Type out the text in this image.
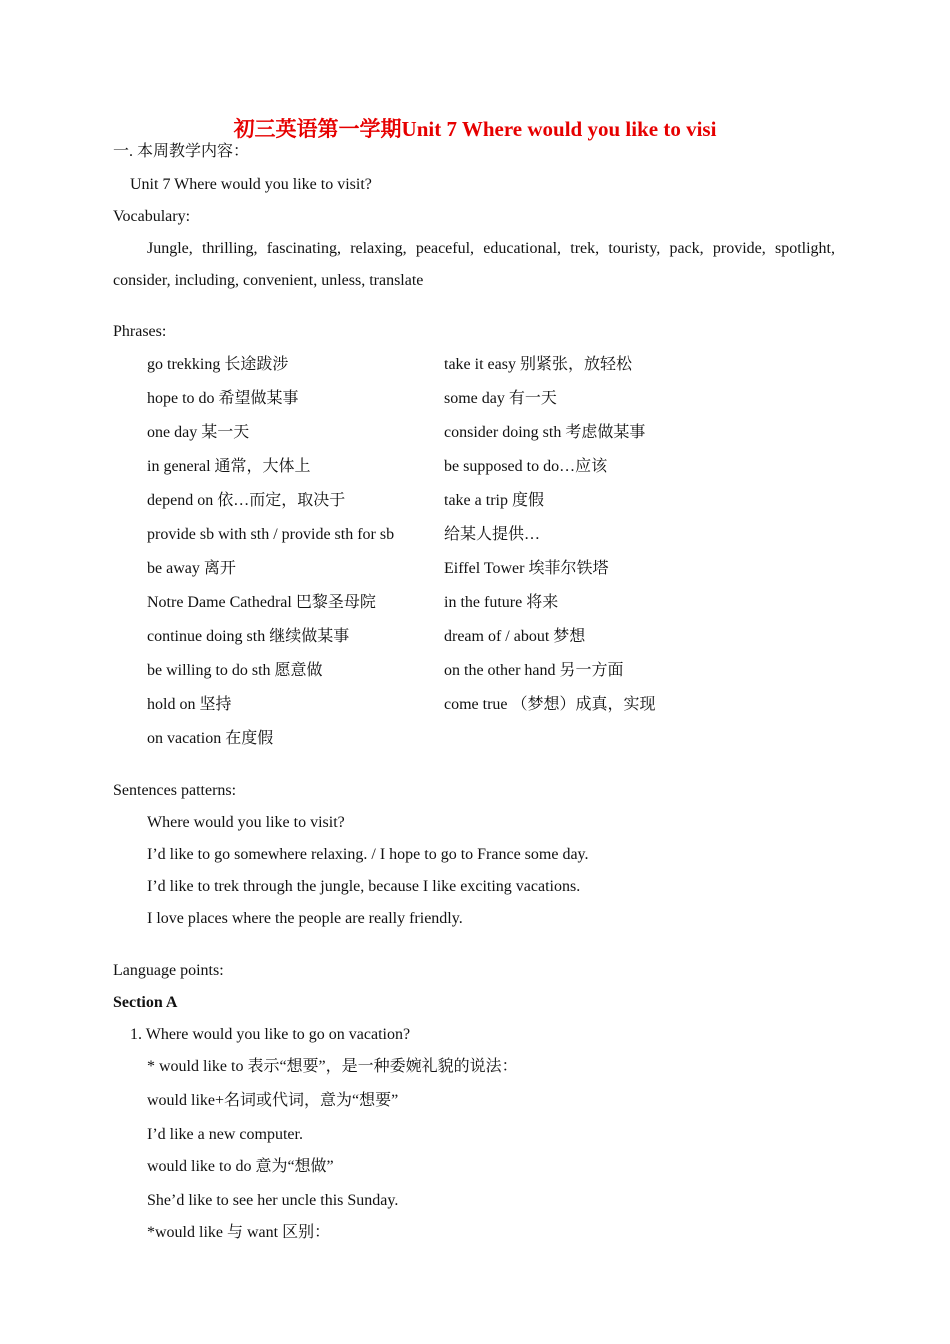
初三英语第一学期Unit 7 Where would you like to visi
一. 本周教学内容：
Unit 7 Where would you like to visit?
Vocabulary:
Jungle, thrilling, fascinating, relaxing, peaceful, educational, trek, touristy, pack, provide, spotlight,
consider, including, convenient, unless, translate
Phrases:
go trekking 长途跋涉
hope to do 希望做某事
one day 某一天
in general 通常，大体上
depend on 依…而定，取决于
provide sb with sth / provide sth for sb
be away 离开
Notre Dame Cathedral 巴黎圣母院
continue doing sth 继续做某事
be willing to do sth 愿意做
hold on 坚持
on vacation 在度假
take it easy 别紧张，放轻松
some day 有一天
consider doing sth 考虑做某事
be supposed to do…应该
take a trip 度假
给某人提供…
Eiffel Tower 埃菲尔铁塔
in the future 将来
dream of / about 梦想
on the other hand 另一方面
come true （梦想）成真，实现
Sentences patterns:
Where would you like to visit?
I’d like to go somewhere relaxing. / I hope to go to France some day.
I’d like to trek through the jungle, because I like exciting vacations.
I love places where the people are really friendly.
Language points:
Section A
1. Where would you like to go on vacation?
* would like to 表示“想要”，是一种委婉礼貌的说法：
would like+名词或代词，意为“想要”
I’d like a new computer.
would like to do 意为“想做”
She’d like to see her uncle this Sunday.
*would like 与 want 区别：
